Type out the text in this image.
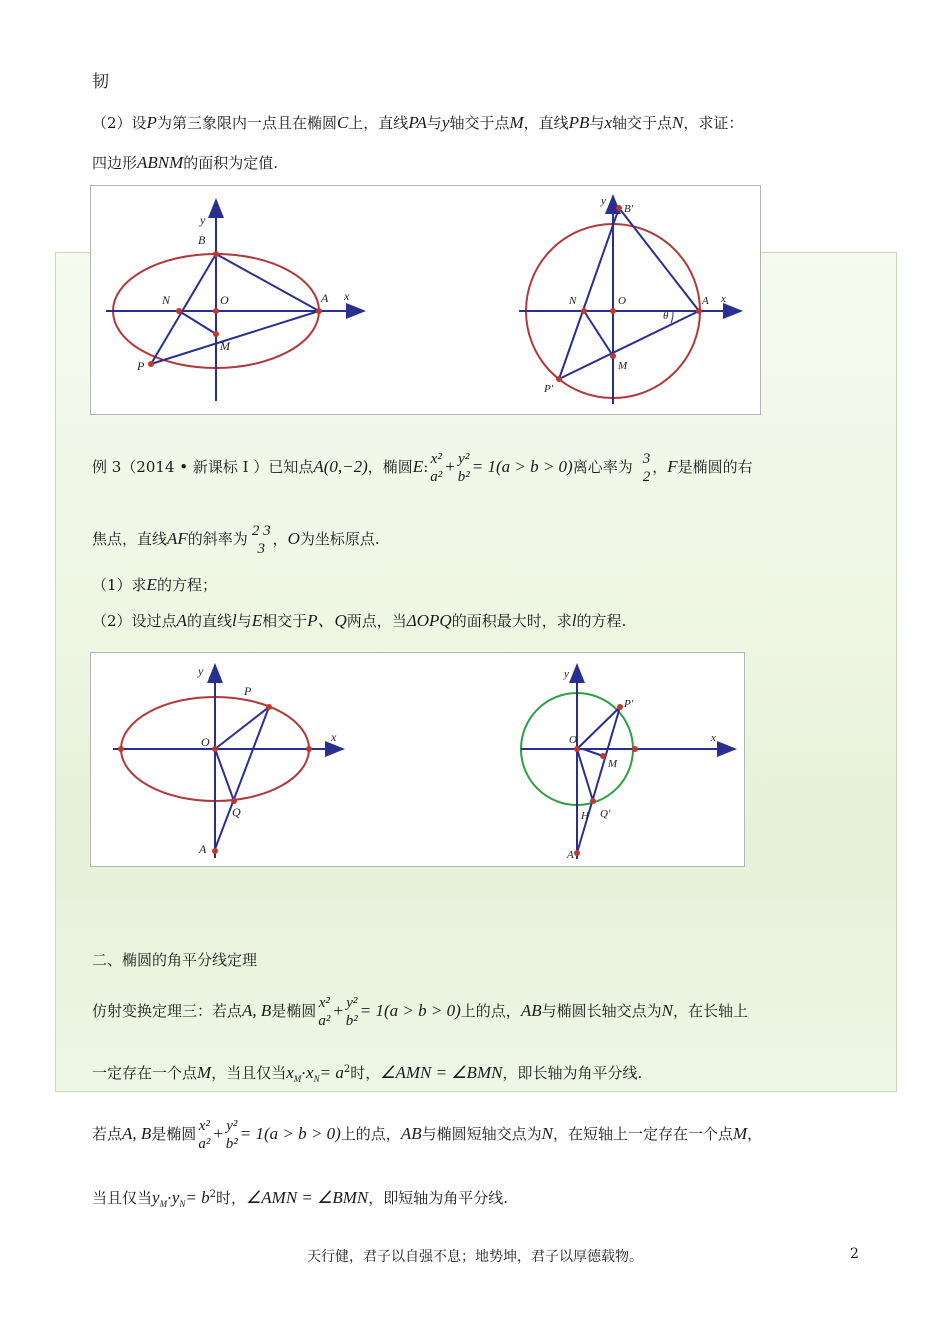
韧
（2）设P为第三象限内一点且在椭圆C上，直线PA与y轴交于点M，直线PB与x轴交于点N，求证：
四边形ABNM的面积为定值.
y
B
N	O	A x
M
P
y
B'
N	O	A x
θ
M
P'
例 3（2014 • 新课标 I ）已知点A(0,−2)，椭圆E: x²
a²
+ y²
b²
= 1(a > b > 0)离心率为 3
2
，F是椭圆的右
焦点，直线AF的斜率为 2 3
3
，O为坐标原点.
（1）求E的方程；
（2）设过点A的直线l与E相交于P、Q两点，当ΔOPQ的面积最大时，求l的方程.
y
P
O	x
Q
A
y
P'
O	x
M
Q'
H
A
二、椭圆的角平分线定理
仿射变换定理三：若点A, B是椭圆 x²
a²
+ y²
b²
= 1(a > b > 0)上的点，AB与椭圆长轴交点为N，在长轴上
一定存在一个点M，当且仅当$x_M\cdot x_N= a^2$时，∠AMN = ∠BMN，即长轴为角平分线.
若点A, B是椭圆 x²
a²
+ y²
b²
= 1(a > b > 0)上的点，AB与椭圆短轴交点为N，在短轴上一定存在一个点M，
当且仅当$y_M\cdot y_N= b^2$时，∠AMN = ∠BMN，即短轴为角平分线.
天行健，君子以自强不息；地势坤，君子以厚德载物。	2
